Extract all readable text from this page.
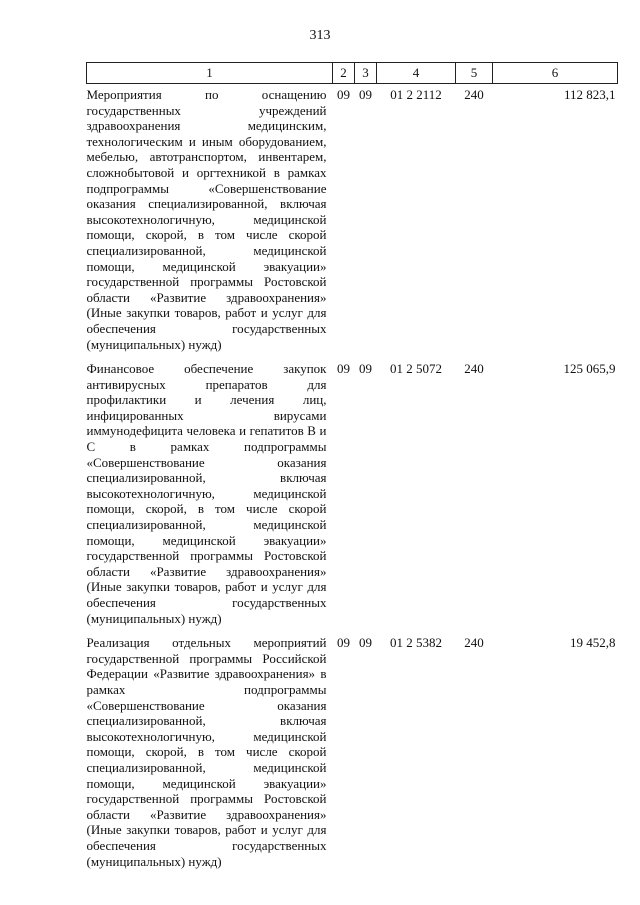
313
1	2	3	4	5	6
Мероприятия по оснащению государственных учреждений здравоохранения медицинским, технологическим и иным оборудованием, мебелью, автотранспортом, инвентарем, сложнобытовой и оргтехникой в рамках подпрограммы «Совершенствование оказания специализированной, включая высокотехнологичную, медицинской помощи, скорой, в том числе скорой специализированной, медицинской помощи, медицинской эвакуации» государственной программы Ростовской области «Развитие здравоохранения» (Иные закупки товаров, работ и услуг для обеспечения государственных (муниципальных) нужд)	09	09	01 2 2112	240	112 823,1
Финансовое обеспечение закупок антивирусных препаратов для профилактики и лечения лиц, инфицированных вирусами иммунодефицита человека и гепатитов B и C в рамках подпрограммы «Совершенствование оказания специализированной, включая высокотехнологичную, медицинской помощи, скорой, в том числе скорой специализированной, медицинской помощи, медицинской эвакуации» государственной программы Ростовской области «Развитие здравоохранения» (Иные закупки товаров, работ и услуг для обеспечения государственных (муниципальных) нужд)	09	09	01 2 5072	240	125 065,9
Реализация отдельных мероприятий государственной программы Российской Федерации «Развитие здравоохранения» в рамках подпрограммы «Совершенствование оказания специализированной, включая высокотехнологичную, медицинской помощи, скорой, в том числе скорой специализированной, медицинской помощи, медицинской эвакуации» государственной программы Ростовской области «Развитие здравоохранения» (Иные закупки товаров, работ и услуг для обеспечения государственных (муниципальных) нужд)	09	09	01 2 5382	240	19 452,8
